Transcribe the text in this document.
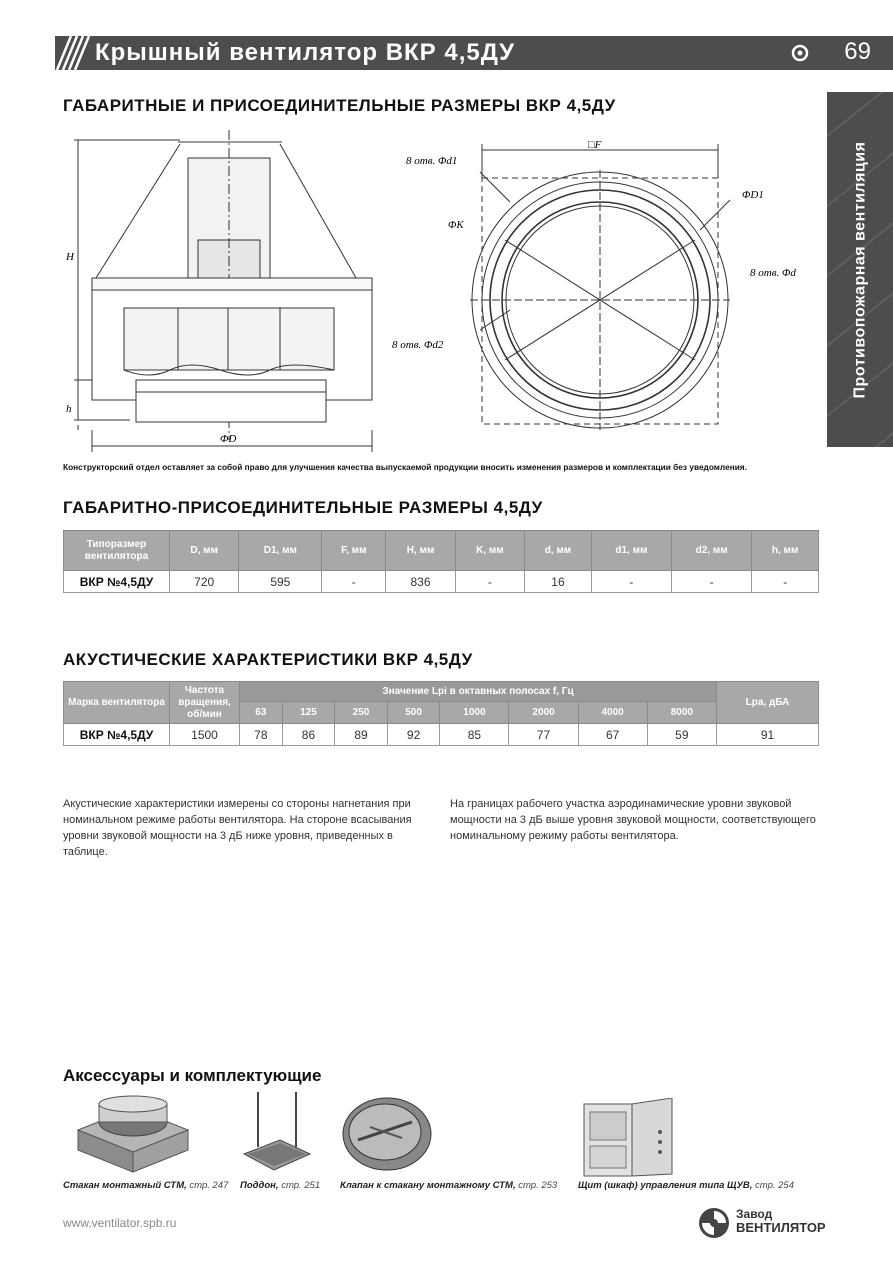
Крышный вентилятор ВКР 4,5ДУ	69
Противопожарная вентиляция
ГАБАРИТНЫЕ И ПРИСОЕДИНИТЕЛЬНЫЕ РАЗМЕРЫ ВКР 4,5ДУ
H
h
ΦD
□F
8 отв. Φd1
ΦD1
ΦK
8 отв. Φd
8 отв. Φd2
Конструкторский отдел оставляет за собой право для улучшения качества выпускаемой продукции вносить изменения размеров и комплектации без уведомления.
ГАБАРИТНО-ПРИСОЕДИНИТЕЛЬНЫЕ РАЗМЕРЫ 4,5ДУ
Типоразмер вентилятора	D, мм	D1, мм	F, мм	H, мм	K, мм	d, мм	d1, мм	d2, мм	h, мм
ВКР №4,5ДУ	720	595	-	836	-	16	-	-	-
АКУСТИЧЕСКИЕ ХАРАКТЕРИСТИКИ ВКР 4,5ДУ
Марка вентилятора	Частота вращения, об/мин	Значение Lpi в октавных полосах f, Гц								Lpa, дБА
		63	125	250	500	1000	2000	4000	8000	
ВКР №4,5ДУ	1500	78	86	89	92	85	77	67	59	91
Акустические характеристики измерены со стороны нагнетания при номинальном режиме работы вентилятора. На стороне всасывания уровни звуковой мощности на 3 дБ ниже уровня, приведенных в таблице.
На границах рабочего участка аэродинамические уровни звуковой мощности на 3 дБ выше уровня звуковой мощности, соответствующего номинальному режиму работы вентилятора.
Аксессуары и комплектующие
Стакан монтажный СТМ, стр. 247 Поддон, стр. 251 Клапан к стакану монтажному СТМ, стр. 253 Щит (шкаф) управления типа ЩУВ, стр. 254
www.ventilator.spb.ru
Завод
ВЕНТИЛЯТОР
